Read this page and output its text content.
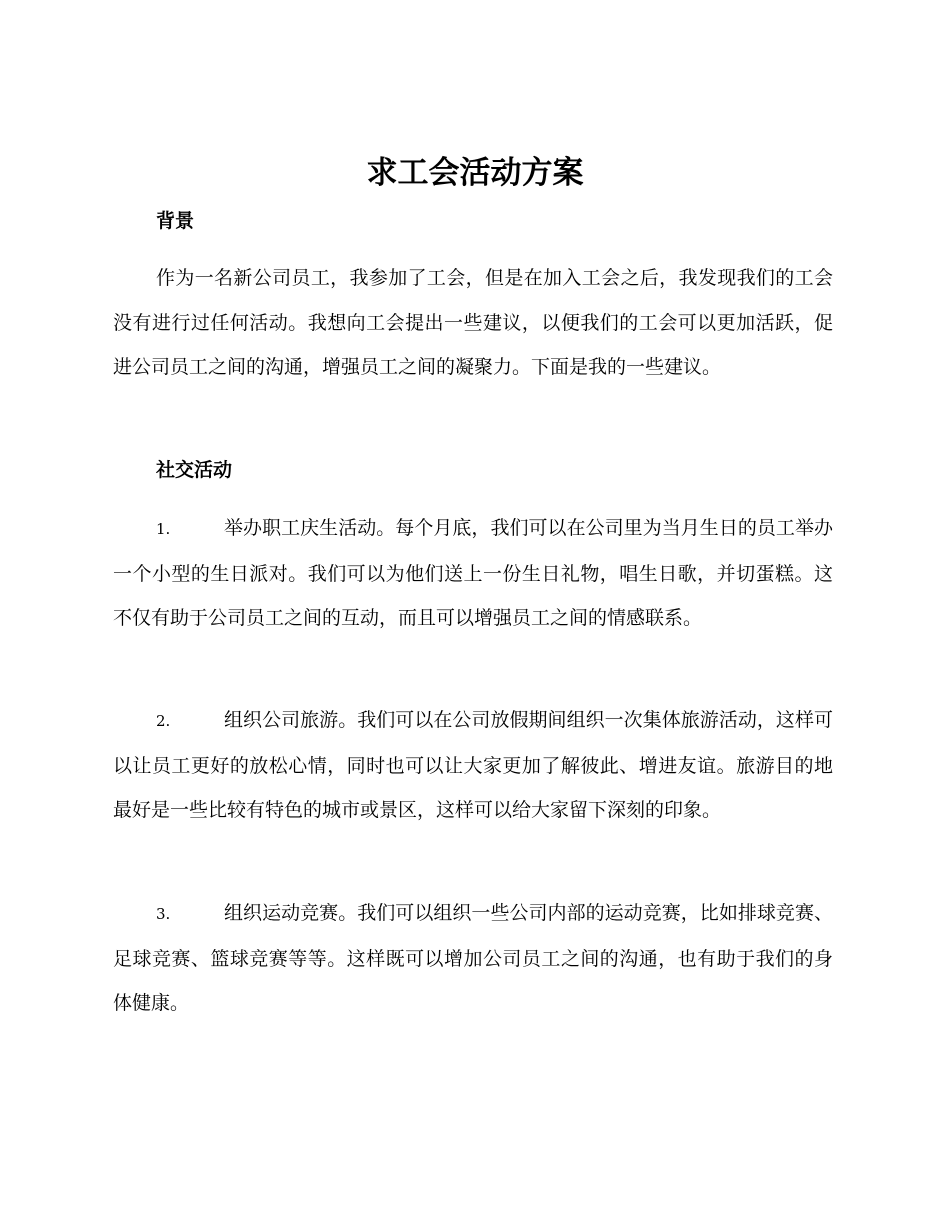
求工会活动方案
背景

作为一名新公司员工，我参加了工会，但是在加入工会之后，我发现我们的工会没有进行过任何活动。我想向工会提出一些建议，以便我们的工会可以更加活跃，促进公司员工之间的沟通，增强员工之间的凝聚力。下面是我的一些建议。

社交活动

1.	举办职工庆生活动。每个月底，我们可以在公司里为当月生日的员工举办一个小型的生日派对。我们可以为他们送上一份生日礼物，唱生日歌，并切蛋糕。这不仅有助于公司员工之间的互动，而且可以增强员工之间的情感联系。

2.	组织公司旅游。我们可以在公司放假期间组织一次集体旅游活动，这样可以让员工更好的放松心情，同时也可以让大家更加了解彼此、增进友谊。旅游目的地最好是一些比较有特色的城市或景区，这样可以给大家留下深刻的印象。

3.	组织运动竞赛。我们可以组织一些公司内部的运动竞赛，比如排球竞赛、足球竞赛、篮球竞赛等等。这样既可以增加公司员工之间的沟通，也有助于我们的身体健康。
